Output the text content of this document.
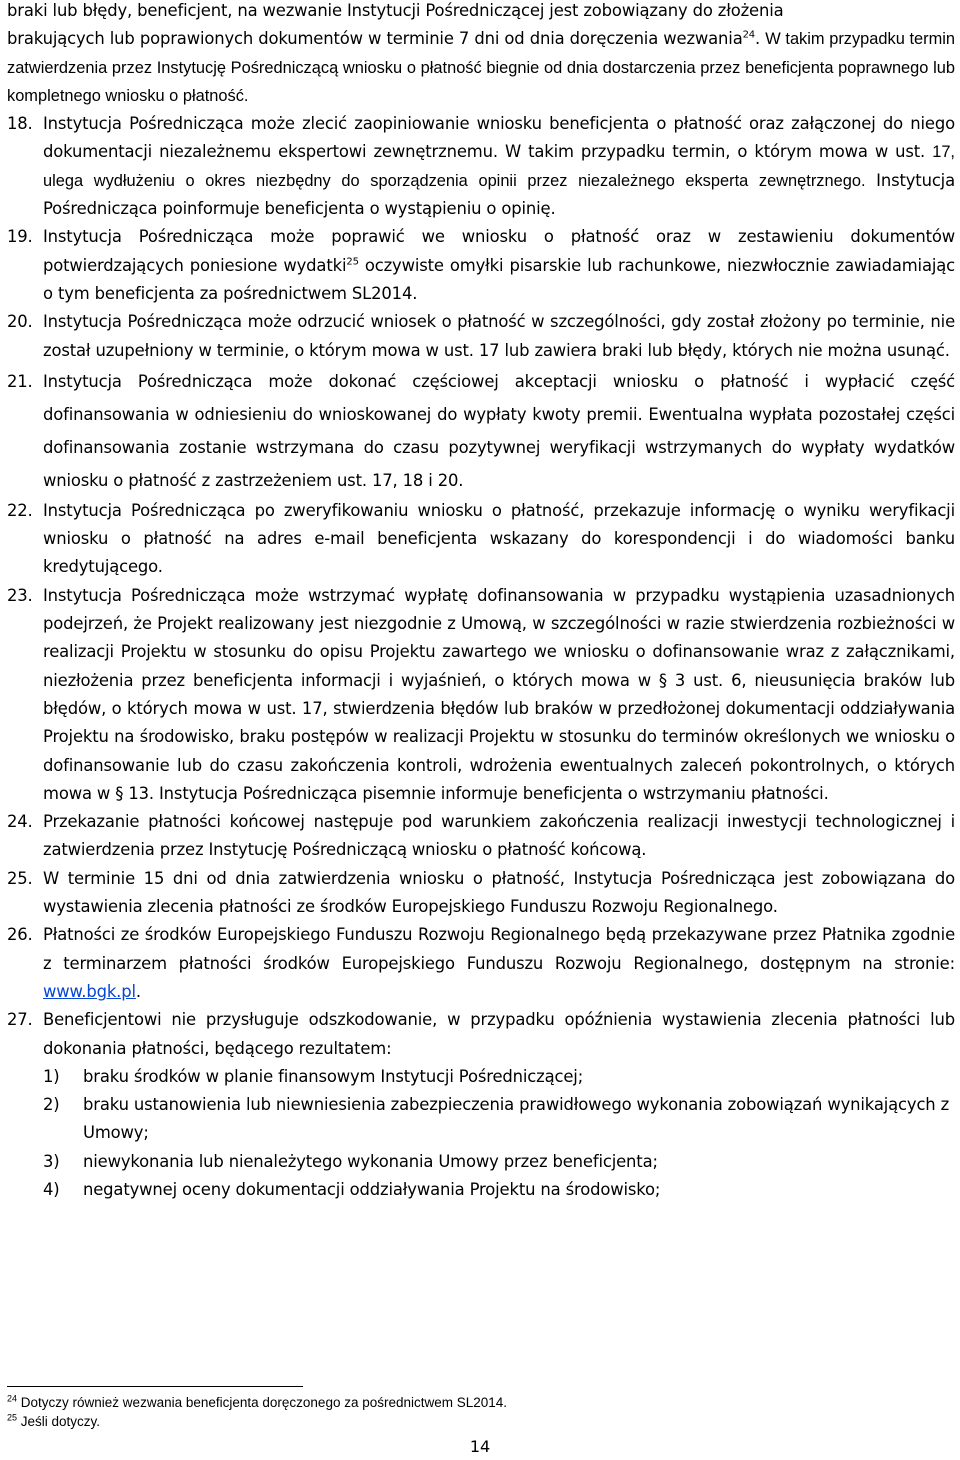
braki lub błędy, beneficjent, na wezwanie Instytucji Pośredniczącej jest zobowiązany do złożenia
brakujących lub poprawionych dokumentów w terminie 7 dni od dnia doręczenia wezwania$^{24}$. W takim przypadku termin zatwierdzenia przez Instytucję Pośredniczącą wniosku o płatność biegnie od dnia dostarczenia przez beneficjenta poprawnego lub kompletnego wniosku o płatność.

18. Instytucja Pośrednicząca może zlecić zaopiniowanie wniosku beneficjenta o płatność oraz załączonej do niego dokumentacji niezależnemu ekspertowi zewnętrznemu. W takim przypadku termin, o którym mowa w ust. 17, ulega wydłużeniu o okres niezbędny do sporządzenia opinii przez niezależnego eksperta zewnętrznego. Instytucja Pośrednicząca poinformuje beneficjenta o wystąpieniu o opinię.
19. Instytucja Pośrednicząca może poprawić we wniosku o płatność oraz w zestawieniu dokumentów potwierdzających poniesione wydatki$^{25}$ oczywiste omyłki pisarskie lub rachunkowe, niezwłocznie zawiadamiając o tym beneficjenta za pośrednictwem SL2014.
20. Instytucja Pośrednicząca może odrzucić wniosek o płatność w szczególności, gdy został złożony po terminie, nie został uzupełniony w terminie, o którym mowa w ust. 17 lub zawiera braki lub błędy, których nie można usunąć.
21. Instytucja Pośrednicząca może dokonać częściowej akceptacji wniosku o płatność i wypłacić część dofinansowania w odniesieniu do wnioskowanej do wypłaty kwoty premii. Ewentualna wypłata pozostałej części dofinansowania zostanie wstrzymana do czasu pozytywnej weryfikacji wstrzymanych do wypłaty wydatków wniosku o płatność z zastrzeżeniem ust. 17, 18 i 20.
22. Instytucja Pośrednicząca po zweryfikowaniu wniosku o płatność, przekazuje informację o wyniku weryfikacji wniosku o płatność na adres e-mail beneficjenta wskazany do korespondencji i do wiadomości banku kredytującego.
23. Instytucja Pośrednicząca może wstrzymać wypłatę dofinansowania w przypadku wystąpienia uzasadnionych podejrzeń, że Projekt realizowany jest niezgodnie z Umową, w szczególności w razie stwierdzenia rozbieżności w realizacji Projektu w stosunku do opisu Projektu zawartego we wniosku o dofinansowanie wraz z załącznikami, niezłożenia przez beneficjenta informacji i wyjaśnień, o których mowa w § 3 ust. 6, nieusunięcia braków lub błędów, o których mowa w ust. 17, stwierdzenia błędów lub braków w przedłożonej dokumentacji oddziaływania Projektu na środowisko, braku postępów w realizacji Projektu w stosunku do terminów określonych we wniosku o dofinansowanie lub do czasu zakończenia kontroli, wdrożenia ewentualnych zaleceń pokontrolnych, o których mowa w § 13. Instytucja Pośrednicząca pisemnie informuje beneficjenta o wstrzymaniu płatności.
24. Przekazanie płatności końcowej następuje pod warunkiem zakończenia realizacji inwestycji technologicznej i zatwierdzenia przez Instytucję Pośredniczącą wniosku o płatność końcową.
25. W terminie 15 dni od dnia zatwierdzenia wniosku o płatność, Instytucja Pośrednicząca jest zobowiązana do wystawienia zlecenia płatności ze środków Europejskiego Funduszu Rozwoju Regionalnego.
26. Płatności ze środków Europejskiego Funduszu Rozwoju Regionalnego będą przekazywane przez Płatnika zgodnie z terminarzem płatności środków Europejskiego Funduszu Rozwoju Regionalnego, dostępnym na stronie: www.bgk.pl.
27. Beneficjentowi nie przysługuje odszkodowanie, w przypadku opóźnienia wystawienia zlecenia płatności lub dokonania płatności, będącego rezultatem:
1)	braku środków w planie finansowym Instytucji Pośredniczącej;
2)	braku ustanowienia lub niewniesienia zabezpieczenia prawidłowego wykonania zobowiązań wynikających z Umowy;
3)	niewykonania lub nienależytego wykonania Umowy przez beneficjenta;
4)	negatywnej oceny dokumentacji oddziaływania Projektu na środowisko;
$^{24}$ Dotyczy również wezwania beneficjenta doręczonego za pośrednictwem SL2014.
$^{25}$ Jeśli dotyczy.
14
